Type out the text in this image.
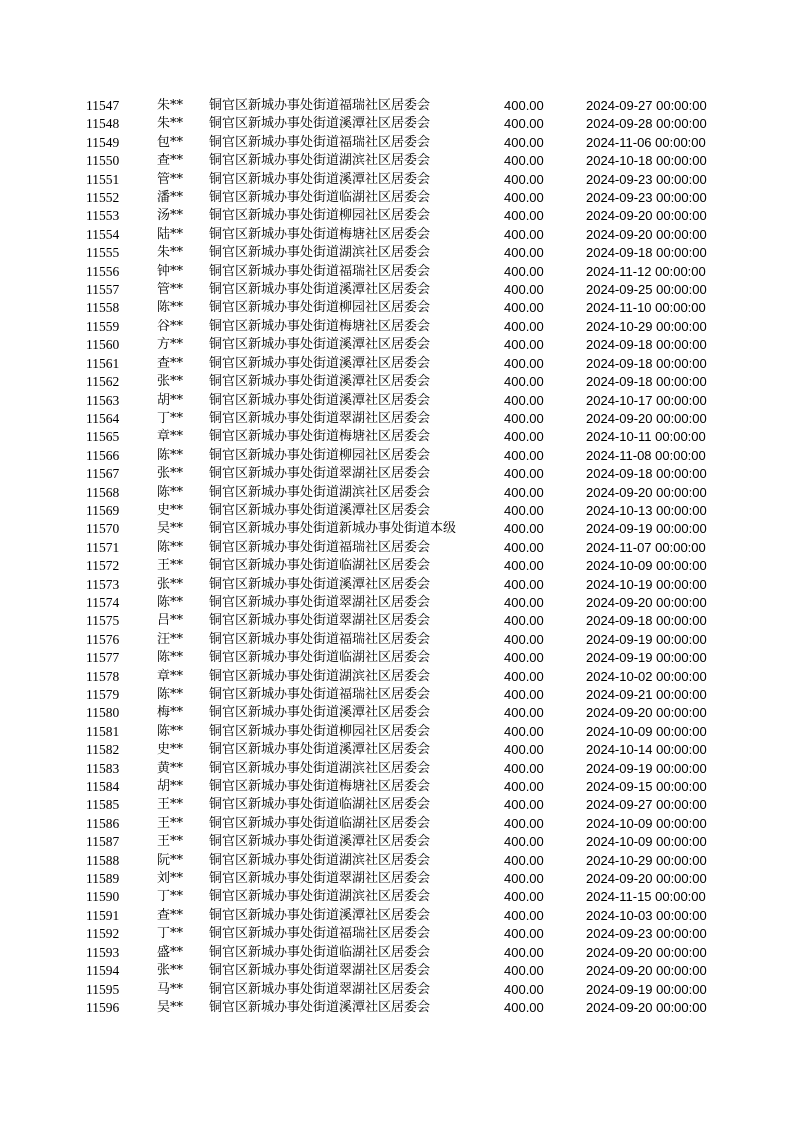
11547	朱** 铜官区新城办事处街道福瑞社区居委会	400.00	2024-09-27 00:00:00
11548	朱** 铜官区新城办事处街道溪潭社区居委会	400.00	2024-09-28 00:00:00
11549	包** 铜官区新城办事处街道福瑞社区居委会	400.00	2024-11-06 00:00:00
11550	查** 铜官区新城办事处街道湖滨社区居委会	400.00	2024-10-18 00:00:00
11551	管** 铜官区新城办事处街道溪潭社区居委会	400.00	2024-09-23 00:00:00
11552	潘** 铜官区新城办事处街道临湖社区居委会	400.00	2024-09-23 00:00:00
11553	汤** 铜官区新城办事处街道柳园社区居委会	400.00	2024-09-20 00:00:00
11554	陆** 铜官区新城办事处街道梅塘社区居委会	400.00	2024-09-20 00:00:00
11555	朱** 铜官区新城办事处街道湖滨社区居委会	400.00	2024-09-18 00:00:00
11556	钟** 铜官区新城办事处街道福瑞社区居委会	400.00	2024-11-12 00:00:00
11557	管** 铜官区新城办事处街道溪潭社区居委会	400.00	2024-09-25 00:00:00
11558	陈** 铜官区新城办事处街道柳园社区居委会	400.00	2024-11-10 00:00:00
11559	谷** 铜官区新城办事处街道梅塘社区居委会	400.00	2024-10-29 00:00:00
11560	方** 铜官区新城办事处街道溪潭社区居委会	400.00	2024-09-18 00:00:00
11561	查** 铜官区新城办事处街道溪潭社区居委会	400.00	2024-09-18 00:00:00
11562	张** 铜官区新城办事处街道溪潭社区居委会	400.00	2024-09-18 00:00:00
11563	胡** 铜官区新城办事处街道溪潭社区居委会	400.00	2024-10-17 00:00:00
11564	丁** 铜官区新城办事处街道翠湖社区居委会	400.00	2024-09-20 00:00:00
11565	章** 铜官区新城办事处街道梅塘社区居委会	400.00	2024-10-11 00:00:00
11566	陈** 铜官区新城办事处街道柳园社区居委会	400.00	2024-11-08 00:00:00
11567	张** 铜官区新城办事处街道翠湖社区居委会	400.00	2024-09-18 00:00:00
11568	陈** 铜官区新城办事处街道湖滨社区居委会	400.00	2024-09-20 00:00:00
11569	史** 铜官区新城办事处街道溪潭社区居委会	400.00	2024-10-13 00:00:00
11570	吴** 铜官区新城办事处街道新城办事处街道本级	400.00	2024-09-19 00:00:00
11571	陈** 铜官区新城办事处街道福瑞社区居委会	400.00	2024-11-07 00:00:00
11572	王** 铜官区新城办事处街道临湖社区居委会	400.00	2024-10-09 00:00:00
11573	张** 铜官区新城办事处街道溪潭社区居委会	400.00	2024-10-19 00:00:00
11574	陈** 铜官区新城办事处街道翠湖社区居委会	400.00	2024-09-20 00:00:00
11575	吕** 铜官区新城办事处街道翠湖社区居委会	400.00	2024-09-18 00:00:00
11576	汪** 铜官区新城办事处街道福瑞社区居委会	400.00	2024-09-19 00:00:00
11577	陈** 铜官区新城办事处街道临湖社区居委会	400.00	2024-09-19 00:00:00
11578	章** 铜官区新城办事处街道湖滨社区居委会	400.00	2024-10-02 00:00:00
11579	陈** 铜官区新城办事处街道福瑞社区居委会	400.00	2024-09-21 00:00:00
11580	梅** 铜官区新城办事处街道溪潭社区居委会	400.00	2024-09-20 00:00:00
11581	陈** 铜官区新城办事处街道柳园社区居委会	400.00	2024-10-09 00:00:00
11582	史** 铜官区新城办事处街道溪潭社区居委会	400.00	2024-10-14 00:00:00
11583	黄** 铜官区新城办事处街道湖滨社区居委会	400.00	2024-09-19 00:00:00
11584	胡** 铜官区新城办事处街道梅塘社区居委会	400.00	2024-09-15 00:00:00
11585	王** 铜官区新城办事处街道临湖社区居委会	400.00	2024-09-27 00:00:00
11586	王** 铜官区新城办事处街道临湖社区居委会	400.00	2024-10-09 00:00:00
11587	王** 铜官区新城办事处街道溪潭社区居委会	400.00	2024-10-09 00:00:00
11588	阮** 铜官区新城办事处街道湖滨社区居委会	400.00	2024-10-29 00:00:00
11589	刘** 铜官区新城办事处街道翠湖社区居委会	400.00	2024-09-20 00:00:00
11590	丁** 铜官区新城办事处街道湖滨社区居委会	400.00	2024-11-15 00:00:00
11591	查** 铜官区新城办事处街道溪潭社区居委会	400.00	2024-10-03 00:00:00
11592	丁** 铜官区新城办事处街道福瑞社区居委会	400.00	2024-09-23 00:00:00
11593	盛** 铜官区新城办事处街道临湖社区居委会	400.00	2024-09-20 00:00:00
11594	张** 铜官区新城办事处街道翠湖社区居委会	400.00	2024-09-20 00:00:00
11595	马** 铜官区新城办事处街道翠湖社区居委会	400.00	2024-09-19 00:00:00
11596	吴** 铜官区新城办事处街道溪潭社区居委会	400.00	2024-09-20 00:00:00
